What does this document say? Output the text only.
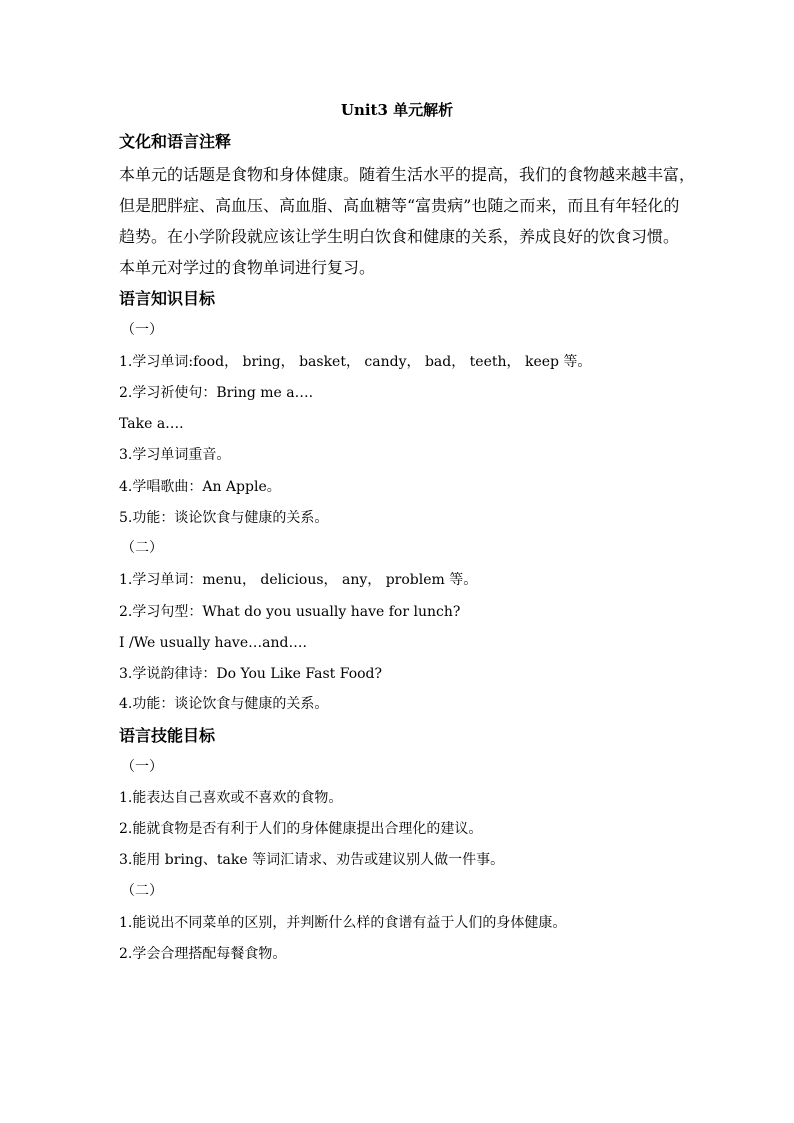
Unit3 单元解析
文化和语言注释
本单元的话题是食物和身体健康。随着生活水平的提高，我们的食物越来越丰富，
但是肥胖症、高血压、高血脂、高血糖等“富贵病”也随之而来，而且有年轻化的
趋势。在小学阶段就应该让学生明白饮食和健康的关系，养成良好的饮食习惯。
本单元对学过的食物单词进行复习。
语言知识目标
（一）
1.学习单词:food， bring， basket， candy， bad， teeth， keep 等。
2.学习祈使句：Bring me a….
Take a….
3.学习单词重音。
4.学唱歌曲：An Apple。
5.功能：谈论饮食与健康的关系。
（二）
1.学习单词：menu， delicious， any， problem 等。
2.学习句型：What do you usually have for lunch?
I /We usually have…and….
3.学说韵律诗：Do You Like Fast Food?
4.功能：谈论饮食与健康的关系。
语言技能目标
（一）
1.能表达自己喜欢或不喜欢的食物。
2.能就食物是否有利于人们的身体健康提出合理化的建议。
3.能用 bring、take 等词汇请求、劝告或建议别人做一件事。
（二）
1.能说出不同菜单的区别，并判断什么样的食谱有益于人们的身体健康。
2.学会合理搭配每餐食物。
